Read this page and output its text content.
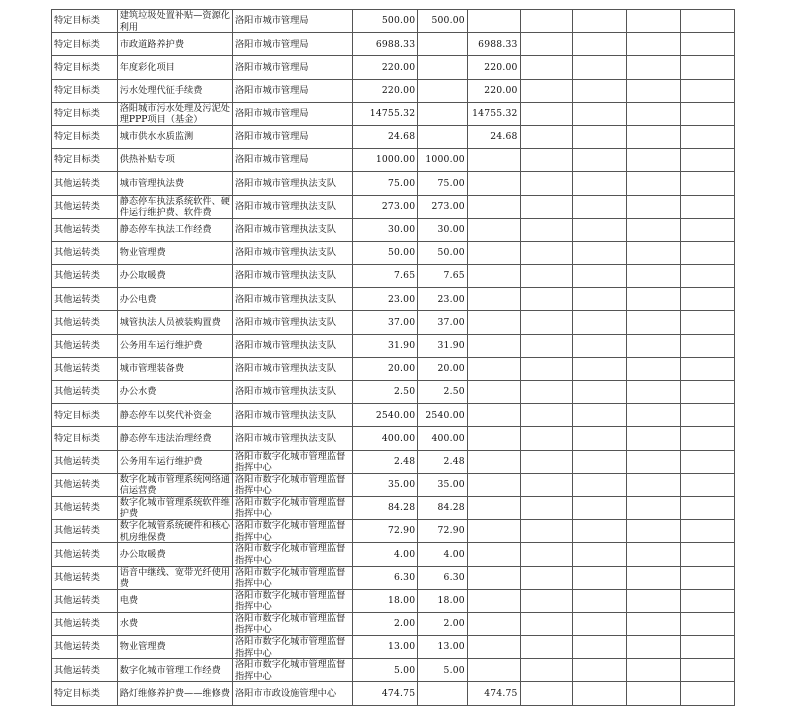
特定目标类	建筑垃圾处置补贴—资源化利用	洛阳市城市管理局	500.00	500.00					

特定目标类	市政道路养护费	洛阳市城市管理局	6988.33		6988.33				

特定目标类	年度彩化项目	洛阳市城市管理局	220.00		220.00				

特定目标类	污水处理代征手续费	洛阳市城市管理局	220.00		220.00				

特定目标类	洛阳城市污水处理及污泥处理PPP项目（基金）	洛阳市城市管理局	14755.32		14755.32				

特定目标类	城市供水水质监测	洛阳市城市管理局	24.68		24.68				

特定目标类	供热补贴专项	洛阳市城市管理局	1000.00	1000.00					

其他运转类	城市管理执法费	洛阳市城市管理执法支队	75.00	75.00					

其他运转类	静态停车执法系统软件、硬件运行维护费、软件费	洛阳市城市管理执法支队	273.00	273.00					

其他运转类	静态停车执法工作经费	洛阳市城市管理执法支队	30.00	30.00					

其他运转类	物业管理费	洛阳市城市管理执法支队	50.00	50.00					

其他运转类	办公取暖费	洛阳市城市管理执法支队	7.65	7.65					

其他运转类	办公电费	洛阳市城市管理执法支队	23.00	23.00					

其他运转类	城管执法人员被装购置费	洛阳市城市管理执法支队	37.00	37.00					

其他运转类	公务用车运行维护费	洛阳市城市管理执法支队	31.90	31.90					

其他运转类	城市管理装备费	洛阳市城市管理执法支队	20.00	20.00					

其他运转类	办公水费	洛阳市城市管理执法支队	2.50	2.50					

特定目标类	静态停车以奖代补资金	洛阳市城市管理执法支队	2540.00	2540.00					

特定目标类	静态停车违法治理经费	洛阳市城市管理执法支队	400.00	400.00					

其他运转类	公务用车运行维护费	洛阳市数字化城市管理监督指挥中心	2.48	2.48					

其他运转类	数字化城市管理系统网络通信运营费	洛阳市数字化城市管理监督指挥中心	35.00	35.00					

其他运转类	数字化城市管理系统软件维护费	洛阳市数字化城市管理监督指挥中心	84.28	84.28					

其他运转类	数字化城管系统硬件和核心机房维保费	洛阳市数字化城市管理监督指挥中心	72.90	72.90					

其他运转类	办公取暖费	洛阳市数字化城市管理监督指挥中心	4.00	4.00					

其他运转类	语音中继线、宽带光纤使用费	洛阳市数字化城市管理监督指挥中心	6.30	6.30					

其他运转类	电费	洛阳市数字化城市管理监督指挥中心	18.00	18.00					

其他运转类	水费	洛阳市数字化城市管理监督指挥中心	2.00	2.00					

其他运转类	物业管理费	洛阳市数字化城市管理监督指挥中心	13.00	13.00					

其他运转类	数字化城市管理工作经费	洛阳市数字化城市管理监督指挥中心	5.00	5.00					

特定目标类	路灯维修养护费——维修费	洛阳市市政设施管理中心	474.75		474.75				
